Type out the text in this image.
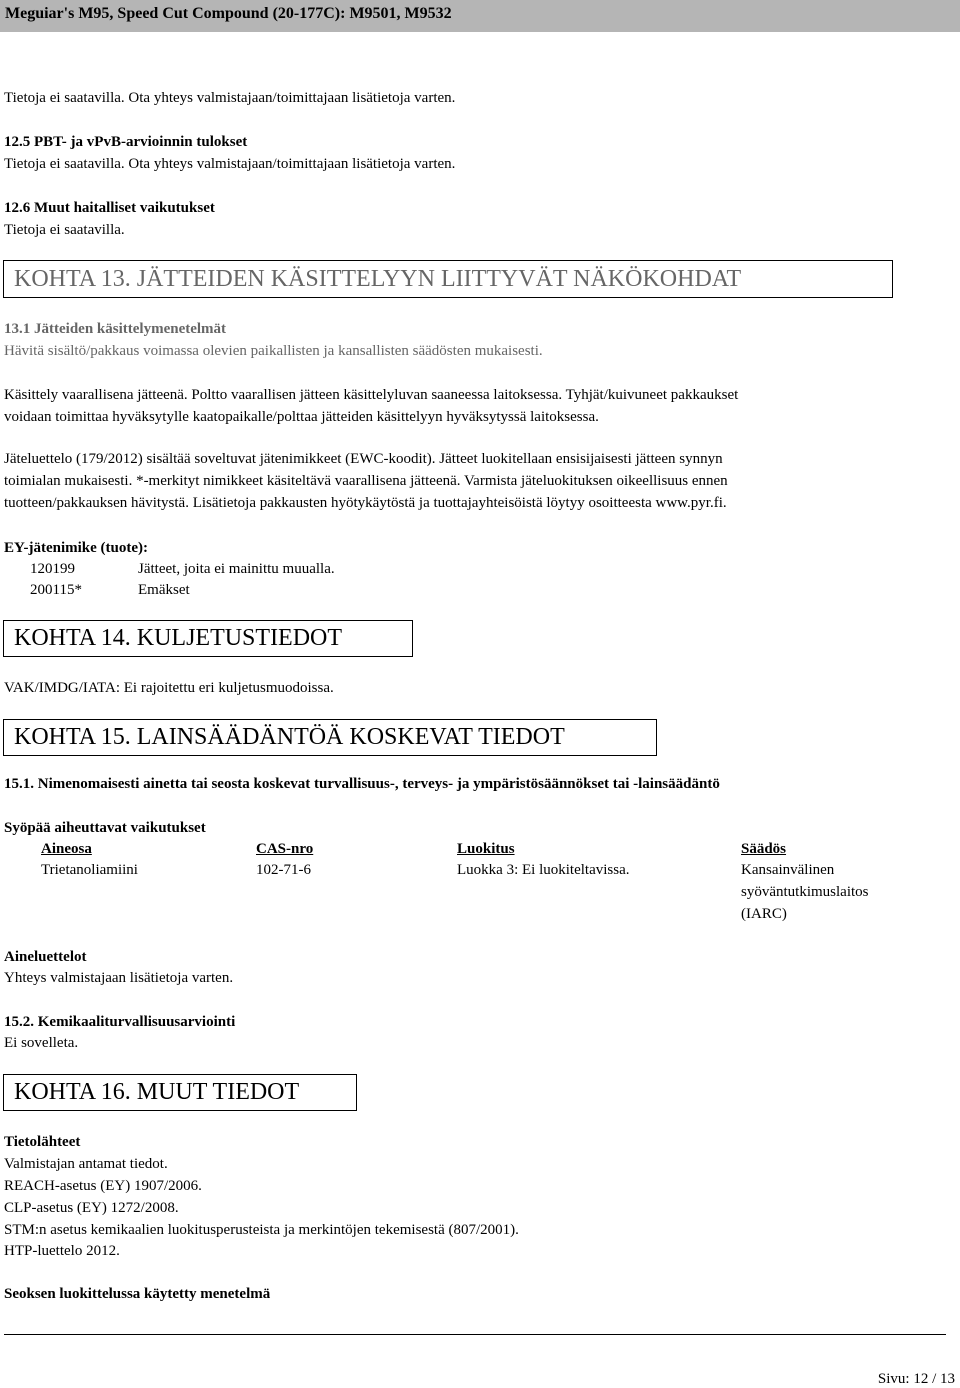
Meguiar's M95, Speed Cut Compound (20-177C): M9501, M9532
Tietoja ei saatavilla. Ota yhteys valmistajaan/toimittajaan lisätietoja varten.
12.5 PBT- ja vPvB-arvioinnin tulokset
Tietoja ei saatavilla. Ota yhteys valmistajaan/toimittajaan lisätietoja varten.
12.6 Muut haitalliset vaikutukset
Tietoja ei saatavilla.
KOHTA 13. JÄTTEIDEN KÄSITTELYYN LIITTYVÄT NÄKÖKOHDAT
13.1 Jätteiden käsittelymenetelmät
Hävitä sisältö/pakkaus voimassa olevien paikallisten ja kansallisten säädösten mukaisesti.
Käsittely vaarallisena jätteenä. Poltto vaarallisen jätteen käsittelyluvan saaneessa laitoksessa. Tyhjät/kuivuneet pakkaukset
voidaan toimittaa hyväksytylle kaatopaikalle/polttaa jätteiden käsittelyyn hyväksytyssä laitoksessa.
Jäteluettelo (179/2012) sisältää soveltuvat jätenimikkeet (EWC-koodit). Jätteet luokitellaan ensisijaisesti jätteen synnyn
toimialan mukaisesti. *-merkityt nimikkeet käsiteltävä vaarallisena jätteenä. Varmista jäteluokituksen oikeellisuus ennen
tuotteen/pakkauksen hävitystä. Lisätietoja pakkausten hyötykäytöstä ja tuottajayhteisöistä löytyy osoitteesta www.pyr.fi.
EY-jätenimike (tuote):
120199	Jätteet, joita ei mainittu muualla.
200115*	Emäkset
KOHTA 14. KULJETUSTIEDOT
VAK/IMDG/IATA: Ei rajoitettu eri kuljetusmuodoissa.
KOHTA 15. LAINSÄÄDÄNTÖÄ KOSKEVAT TIEDOT
15.1. Nimenomaisesti ainetta tai seosta koskevat turvallisuus-, terveys- ja ympäristösäännökset tai -lainsäädäntö
Syöpää aiheuttavat vaikutukset
Aineosa	CAS-nro	Luokitus	Säädös
Trietanoliamiini	102-71-6	Luokka 3: Ei luokiteltavissa.	Kansainvälinen
syöväntutkimuslaitos
(IARC)
Aineluettelot
Yhteys valmistajaan lisätietoja varten.
15.2. Kemikaaliturvallisuusarviointi
Ei sovelleta.
KOHTA 16. MUUT TIEDOT
Tietolähteet
Valmistajan antamat tiedot.
REACH-asetus (EY) 1907/2006.
CLP-asetus (EY) 1272/2008.
STM:n asetus kemikaalien luokitusperusteista ja merkintöjen tekemisestä (807/2001).
HTP-luettelo 2012.
Seoksen luokittelussa käytetty menetelmä
Sivu: 12 / 13
